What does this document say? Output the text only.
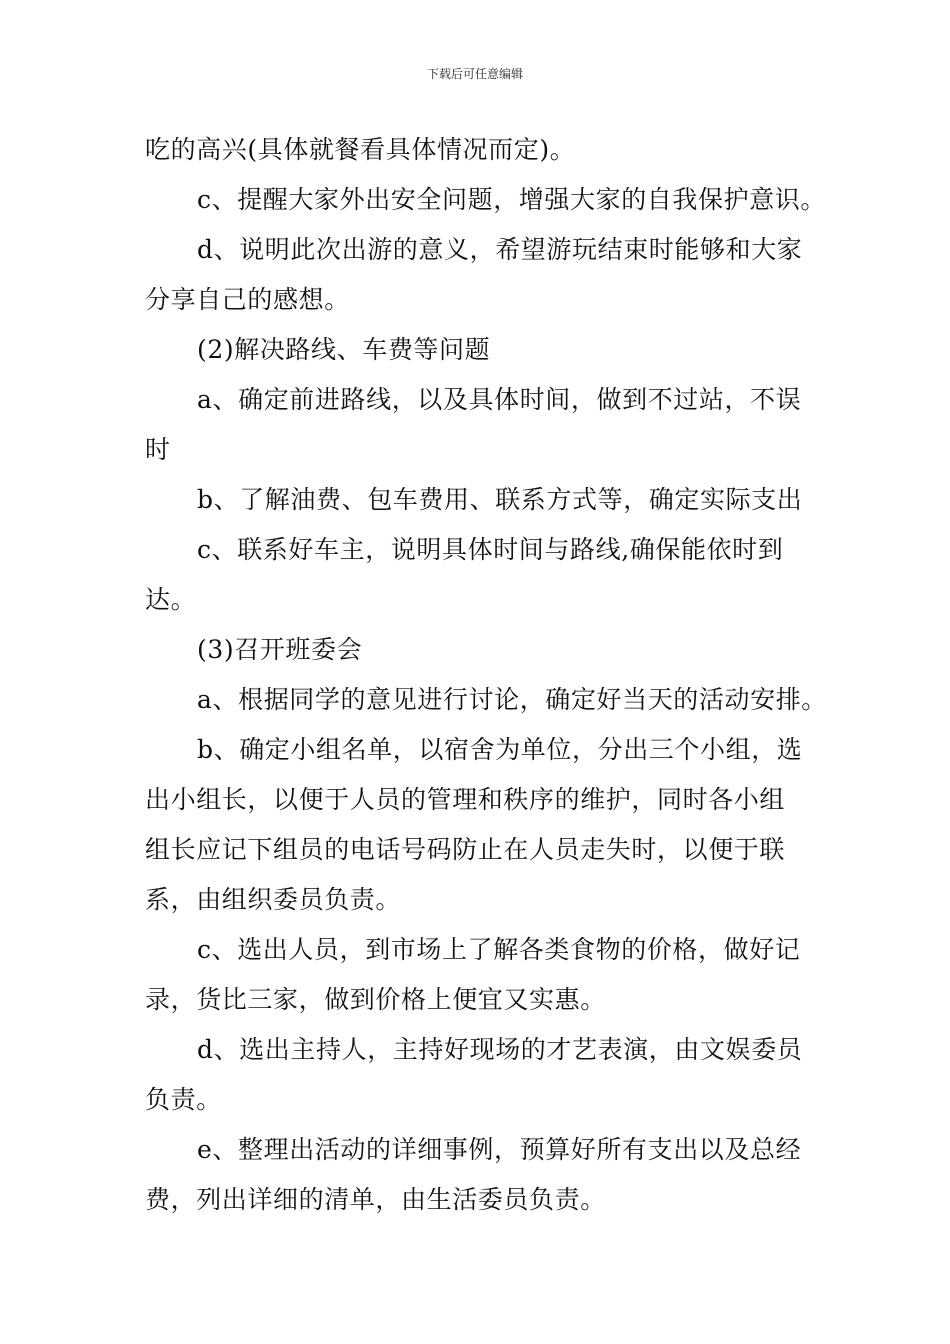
下载后可任意编辑

吃的高兴(具体就餐看具体情况而定)。

c、提醒大家外出安全问题，增强大家的自我保护意识。

d、说明此次出游的意义，希望游玩结束时能够和大家

分享自己的感想。

(2)解决路线、车费等问题

a、确定前进路线，以及具体时间，做到不过站，不误

时

b、了解油费、包车费用、联系方式等，确定实际支出

c、联系好车主，说明具体时间与路线,确保能依时到

达。

(3)召开班委会

a、根据同学的意见进行讨论，确定好当天的活动安排。

b、确定小组名单，以宿舍为单位，分出三个小组，选

出小组长，以便于人员的管理和秩序的维护，同时各小组

组长应记下组员的电话号码防止在人员走失时，以便于联

系，由组织委员负责。

c、选出人员，到市场上了解各类食物的价格，做好记

录，货比三家，做到价格上便宜又实惠。

d、选出主持人，主持好现场的才艺表演，由文娱委员

负责。

e、整理出活动的详细事例，预算好所有支出以及总经

费，列出详细的清单，由生活委员负责。
